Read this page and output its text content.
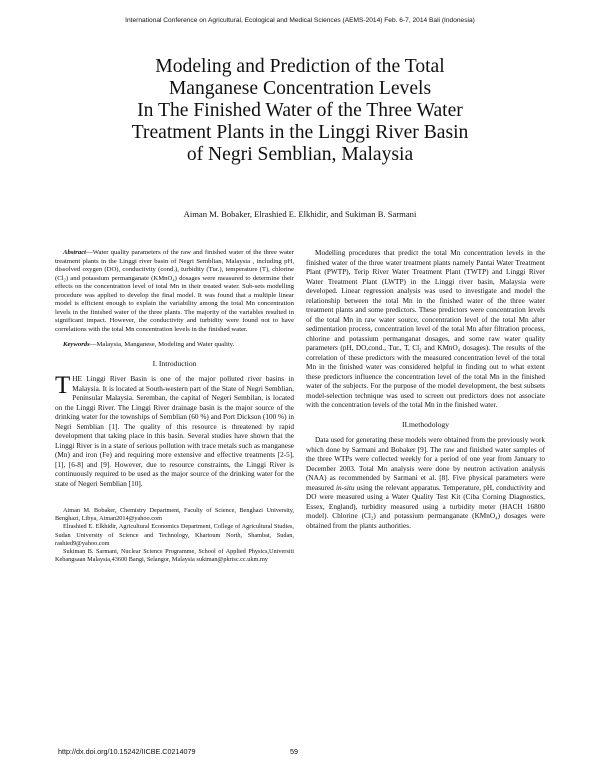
International Conference on Agricultural, Ecological and Medical Sciences (AEMS-2014) Feb. 6-7, 2014 Bali (Indonesia)
Modeling and Prediction of the Total
Manganese Concentration Levels
In The Finished Water of the Three Water
Treatment Plants in the Linggi River Basin
of Negri Semblian, Malaysia
Aiman M. Bobaker, Elrashied E. Elkhidir, and Sukiman B. Sarmani

Abstract—Water quality parameters of the raw and finished water of the three water treatment plants in the Linggi river basin of Negri Semblian, Malaysia , including pH, dissolved oxygen (DO), conductivity (cond.), turbidity (Tur.), temperature (T), chlorine (Cl₂) and potassium permanganate (KMnO₄) dosages were measured to determine their effects on the concentration level of total Mn in their treated water. Sub-sets modelling procedure was applied to develop the final model. It was found that a multiple linear model is efficient enough to explain the variability among the total Mn concentration levels in the finished water of the three plants. The majority of the variables resulted in significant impact. However, the conductivity and turbidity were found not to have correlations with the total Mn concentration levels in the finished water.

Keywords—Malaysia, Manganese, Modeling and Water quality.

I. Introduction

THE Linggi River Basin is one of the major polluted river basins in Malaysia. It is located at South-western part of the State of Negri Semblian, Peninsular Malaysia. Seremban, the capital of Negeri Sembilan, is located on the Linggi River. The Linggi River drainage basin is the major source of the drinking water for the townships of Semblian (60 %) and Port Dickson (100 %) in Negri Semblian [1]. The quality of this resource is threatened by rapid development that taking place in this basin. Several studies have shown that the Linggi River is in a state of serious pollution with trace metals such as manganese (Mn) and iron (Fe) and requiring more extensive and effective treatments [2-5], [1], [6-8] and [9]. However, due to resource constraints, the Linggi River is continuously required to be used as the major source of the drinking water for the state of Negeri Semblian [10].

Aiman M. Bobaker, Chemistry Department, Faculty of Science, Benghazi University, Benghazi, Libya, Aiman2014@yahoo.com

Elrashied E. Elkhidir, Agricultural Economics Department, College of Agricultural Studies, Sudan University of Science and Technology, Khartoum North, Shambat, Sudan, rashied9@yahoo.com

Sukiman B. Sarmani, Nuclear Science Programme, School of Applied Physics,Universiti Kebangsaan Malaysia,43600 Bangi, Selangor, Malaysia sukiman@pkrisc.cc.ukm.my

Modelling procedures that predict the total Mn concentration levels in the finished water of the three water treatment plants namely Pantai Water Treatment Plant (PWTP), Terip River Water Treatment Plant (TWTP) and Linggi River Water Treatment Plant (LWTP) in the Linggi river basin, Malaysia were developed. Linear regression analysis was used to investigate and model the relationship between the total Mn in the finished water of the three water treatment plants and some predictors. These predictors were concentration levels of the total Mn in raw water source, concentration level of the total Mn after sedimentation process, concentration level of the total Mn after filtration process, chlorine and potassium permanganat dosages, and some raw water quality parameters (pH, DO,cond., Tur., T, Cl₂ and KMnO₄ dosages). The results of the correlation of these predictors with the measured concentration level of the total Mn in the finished water was considered helpful in finding out to what extent these predictors influence the concentration level of the total Mn in the finished water of the subjects. For the purpose of the model development, the best subsets model-selection technique was used to screen out predictors does not associate with the concentration levels of the total Mn in the finished water.

II.methodology

Data used for generating these models were obtained from the previously work which done by Sarmani and Bobaker [9]. The raw and finished water samples of the three WTPs were collected weekly for a period of one year from January to December 2003. Total Mn analysis were done by neutron activation analysis (NAA) as recommended by Sarmani et al. [8]. Five physical parameters were measured in-situ using the relevant apparatus. Temperature, pH, conductivity and DO were measured using a Water Quality Test Kit (Ciba Corning Diagnostics, Essex, England), turbidity measured using a turbidity meter (HACH 16800 model). Chlorine (Cl₂) and potassium permanganate (KMnO₄) dosages were obtained from the plants authorities.

http://dx.doi.org/10.15242/IICBE.C0214079	59
